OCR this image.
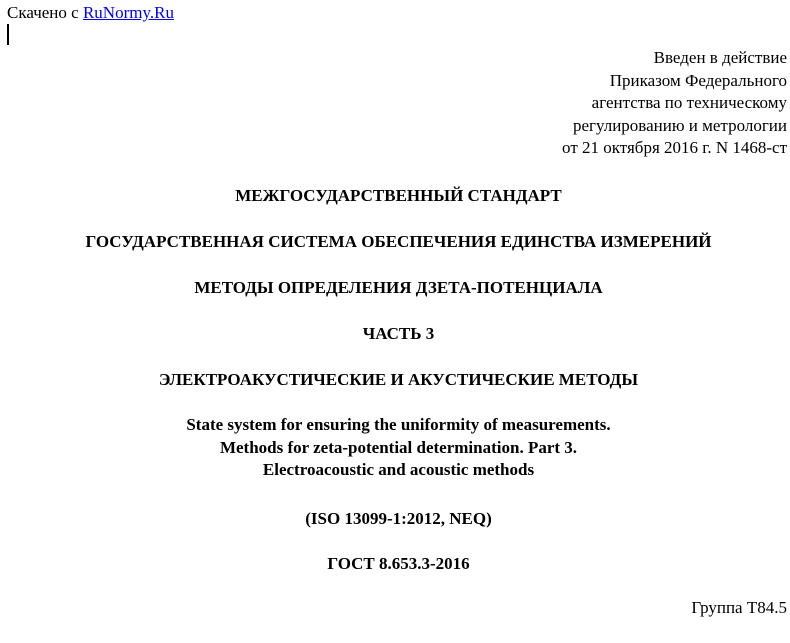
Скачено с RuNormy.Ru
Введен в действие
Приказом Федерального
агентства по техническому
регулированию и метрологии
от 21 октября 2016 г. N 1468-ст
МЕЖГОСУДАРСТВЕННЫЙ СТАНДАРТ
ГОСУДАРСТВЕННАЯ СИСТЕМА ОБЕСПЕЧЕНИЯ ЕДИНСТВА ИЗМЕРЕНИЙ
МЕТОДЫ ОПРЕДЕЛЕНИЯ ДЗЕТА-ПОТЕНЦИАЛА
ЧАСТЬ 3
ЭЛЕКТРОАКУСТИЧЕСКИЕ И АКУСТИЧЕСКИЕ МЕТОДЫ
State system for ensuring the uniformity of measurements.
Methods for zeta-potential determination. Part 3.
Electroacoustic and acoustic methods
(ISO 13099-1:2012, NEQ)
ГОСТ 8.653.3-2016
Группа Т84.5
